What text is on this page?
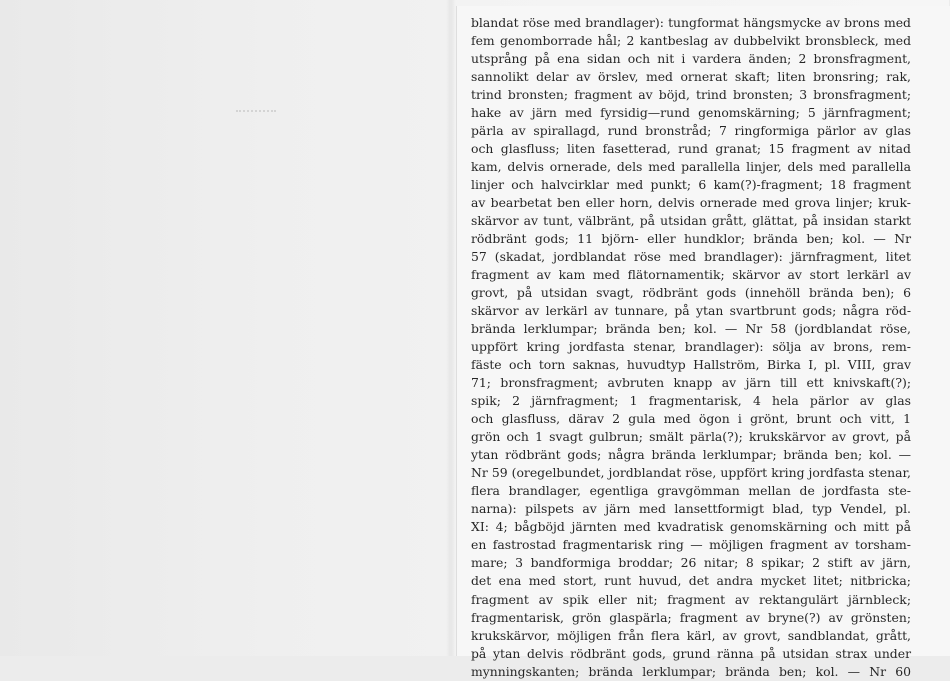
blandat röse med brandlager): tungformat hängsmycke av brons med
fem genomborrade hål; 2 kantbeslag av dubbelvikt bronsbleck, med
utsprång på ena sidan och nit i vardera änden; 2 bronsfragment,
sannolikt delar av örslev, med ornerat skaft; liten bronsring; rak,
trind bronsten; fragment av böjd, trind bronsten; 3 bronsfragment;
hake av järn med fyrsidig—rund genomskärning; 5 järnfragment;
pärla av spirallagd, rund bronstråd; 7 ringformiga pärlor av glas
och glasfluss; liten fasetterad, rund granat; 15 fragment av nitad
kam, delvis ornerade, dels med parallella linjer, dels med parallella
linjer och halvcirklar med punkt; 6 kam(?)-fragment; 18 fragment
av bearbetat ben eller horn, delvis ornerade med grova linjer; kruk-
skärvor av tunt, välbränt, på utsidan grått, glättat, på insidan starkt
rödbränt gods; 11 björn- eller hundklor; brända ben; kol. — Nr
57 (skadat, jordblandat röse med brandlager): järnfragment, litet
fragment av kam med flätornamentik; skärvor av stort lerkärl av
grovt, på utsidan svagt, rödbränt gods (innehöll brända ben); 6
skärvor av lerkärl av tunnare, på ytan svartbrunt gods; några röd-
brända lerklumpar; brända ben; kol. — Nr 58 (jordblandat röse,
uppfört kring jordfasta stenar, brandlager): sölja av brons, rem-
fäste och torn saknas, huvudtyp Hallström, Birka I, pl. VIII, grav
71; bronsfragment; avbruten knapp av järn till ett knivskaft(?);
spik; 2 järnfragment; 1 fragmentarisk, 4 hela pärlor av glas
och glasfluss, därav 2 gula med ögon i grönt, brunt och vitt, 1
grön och 1 svagt gulbrun; smält pärla(?); krukskärvor av grovt, på
ytan rödbränt gods; några brända lerklumpar; brända ben; kol. —
Nr 59 (oregelbundet, jordblandat röse, uppfört kring jordfasta stenar,
flera brandlager, egentliga gravgömman mellan de jordfasta ste-
narna): pilspets av järn med lansettformigt blad, typ Vendel, pl.
XI: 4; bågböjd järnten med kvadratisk genomskärning och mitt på
en fastrostad fragmentarisk ring — möjligen fragment av torsham-
mare; 3 bandformiga broddar; 26 nitar; 8 spikar; 2 stift av järn,
det ena med stort, runt huvud, det andra mycket litet; nitbricka;
fragment av spik eller nit; fragment av rektangulärt järnbleck;
fragmentarisk, grön glaspärla; fragment av bryne(?) av grönsten;
krukskärvor, möjligen från flera kärl, av grovt, sandblandat, grått,
på ytan delvis rödbränt gods, grund ränna på utsidan strax under
mynningskanten; brända lerklumpar; brända ben; kol. — Nr 60
